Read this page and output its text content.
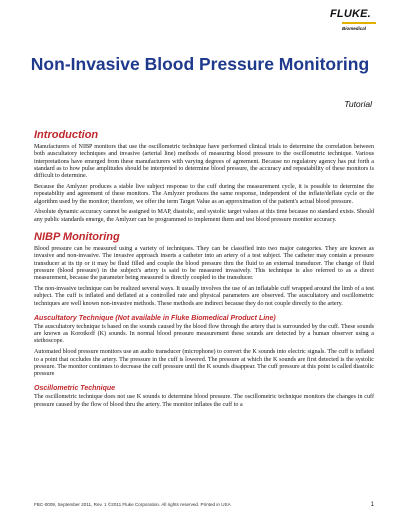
FLUKE.
Biomedical
Non-Invasive Blood Pressure Monitoring
Tutorial
Introduction

Manufacturers of NIBP monitors that use the oscillometric technique have performed clinical trials to determine the correlation between both auscultatory techniques and invasive (arterial line) methods of measuring blood pressure to the oscillometric technique. Various interpretations have emerged from these manufacturers with varying degrees of agreement. Because no regulatory agency has put forth a standard as to how pulse amplitudes should be interpreted to determine blood pressure, the accuracy and repeatability of these monitors is difficult to determine.

Because the Amlyzer produces a stable live subject response to the cuff during the measurement cycle, it is possible to determine the repeatability and agreement of these monitors. The Amlyzer produces the same response, independent of the inflate/deflate cycle or the algorithm used by the monitor; therefore, we offer the term Target Value as an approximation of the patient's actual blood pressure.

Absolute dynamic accuracy cannot be assigned to MAP, diastolic, and systolic target values at this time because no standard exists. Should any public standards emerge, the Amlyzer can be programmed to implement them and test blood pressure monitor accuracy.

NIBP Monitoring

Blood pressure can be measured using a variety of techniques. They can be classified into two major categories. They are known as invasive and non-invasive. The invasive approach inserts a catheter into an artery of a test subject. The catheter may contain a pressure transducer at its tip or it may be fluid filled and couple the blood pressure thru the fluid to an external transducer. The change of fluid pressure (blood pressure) in the subject's artery is said to be measured invasively. This technique is also referred to as a direct measurement, because the parameter being measured is directly coupled to the transducer.

The non-invasive technique can be realized several ways. It usually involves the use of an inflatable cuff wrapped around the limb of a test subject. The cuff is inflated and deflated at a controlled rate and physical parameters are observed. The auscultatory and oscillometric techniques are well known non-invasive methods. These methods are indirect because they do not couple directly to the artery.

Auscultatory Technique (Not available in Fluke Biomedical Product Line)

The auscultatory technique is based on the sounds caused by the blood flow through the artery that is surrounded by the cuff. These sounds are known as Korotkoff (K) sounds. In normal blood pressure measurement these sounds are detected by a human observer using a stethoscope.

Automated blood pressure monitors use an audio transducer (microphone) to convert the K sounds into electric signals. The cuff is inflated to a point that occludes the artery. The pressure in the cuff is lowered. The pressure at which the K sounds are first detected is the systolic pressure. The monitor continues to decrease the cuff pressure until the K sounds disappear. The cuff pressure at this point is called diastolic pressure

Oscillometric Technique

The oscillometric technique does not use K sounds to determine blood pressure. The oscillometric technique monitors the changes in cuff pressure caused by the flow of blood thru the artery. The monitor inflates the cuff to a

FBC-0009, September 2011, Rev. 1 ©2011 Fluke Corporation. All rights reserved. Printed in USA	1
